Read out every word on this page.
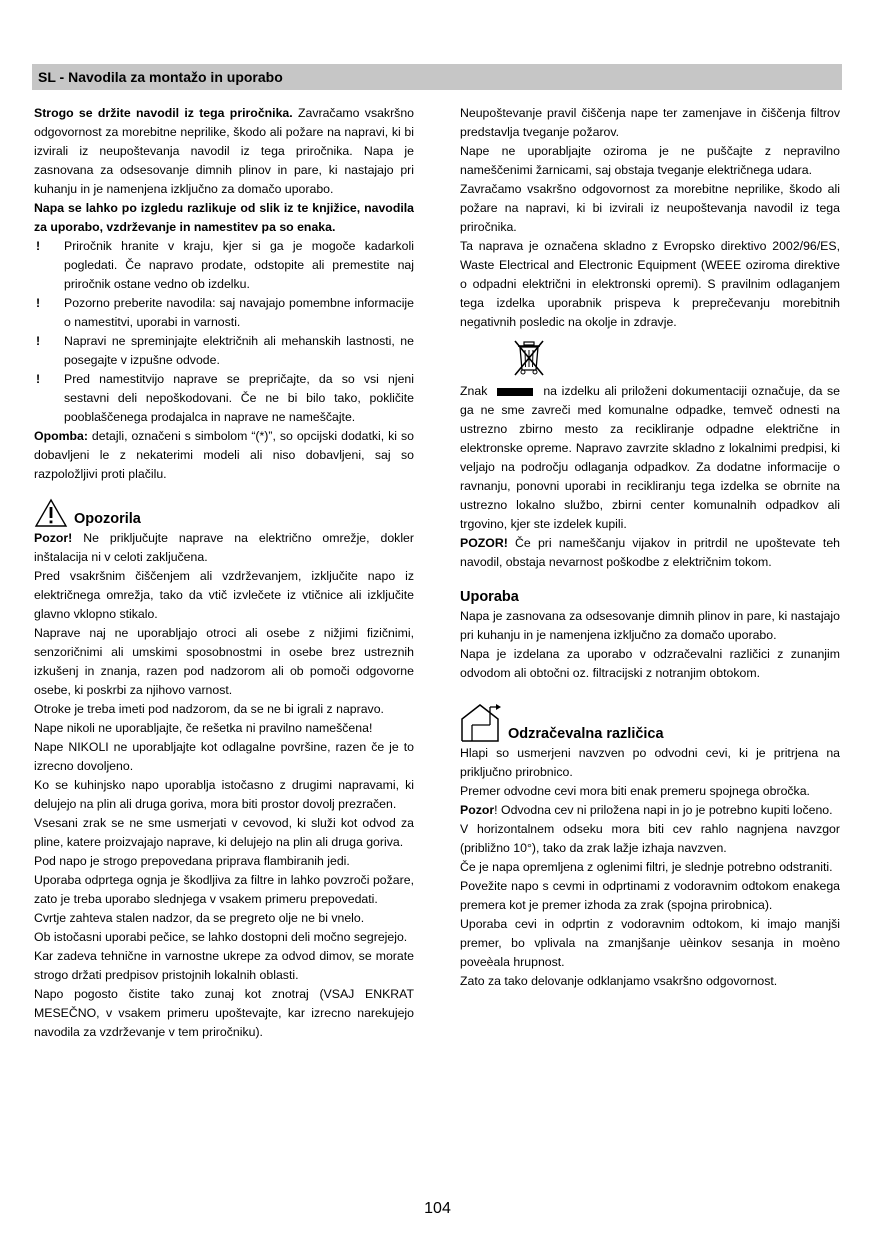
SL - Navodila za montažo in uporabo

Strogo se držite navodil iz tega priročnika. Zavračamo vsakršno odgovornost za morebitne neprilike, škodo ali požare na napravi, ki bi izvirali iz neupoštevanja navodil iz tega priročnika. Napa je zasnovana za odsesovanje dimnih plinov in pare, ki nastajajo pri kuhanju in je namenjena izključno za domačo uporabo.

Napa se lahko po izgledu razlikuje od slik iz te knjižice, navodila za uporabo, vzdrževanje in namestitev pa so enaka.

! Priročnik hranite v kraju, kjer si ga je mogoče kadarkoli pogledati. Če napravo prodate, odstopite ali premestite naj priročnik ostane vedno ob izdelku.
! Pozorno preberite navodila: saj navajajo pomembne informacije o namestitvi, uporabi in varnosti.
! Napravi ne spreminjajte električnih ali mehanskih lastnosti, ne posegajte v izpušne odvode.
! Pred namestitvijo naprave se prepričajte, da so vsi njeni sestavni deli nepoškodovani. Če ne bi bilo tako, pokličite pooblaščenega prodajalca in naprave ne nameščajte.

Opomba: detajli, označeni s simbolom “(*)”, so opcijski dodatki, ki so dobavljeni le z nekaterimi modeli ali niso dobavljeni, saj so razpoložljivi proti plačilu.

Opozorila

Pozor! Ne priključujte naprave na električno omrežje, dokler inštalacija ni v celoti zaključena.

Pred vsakršnim čiščenjem ali vzdrževanjem, izključite napo iz električnega omrežja, tako da vtič izvlečete iz vtičnice ali izključite glavno vklopno stikalo.

Naprave naj ne uporabljajo otroci ali osebe z nižjimi fizičnimi, senzoričnimi ali umskimi sposobnostmi in osebe brez ustreznih izkušenj in znanja, razen pod nadzorom ali ob pomoči odgovorne osebe, ki poskrbi za njihovo varnost.

Otroke je treba imeti pod nadzorom, da se ne bi igrali z napravo.

Nape nikoli ne uporabljajte, če rešetka ni pravilno nameščena!

Nape NIKOLI ne uporabljajte kot odlagalne površine, razen če je to izrecno dovoljeno.

Ko se kuhinjsko napo uporablja istočasno z drugimi napravami, ki delujejo na plin ali druga goriva, mora biti prostor dovolj prezračen.

Vsesani zrak se ne sme usmerjati v cevovod, ki služi kot odvod za pline, katere proizvajajo naprave, ki delujejo na plin ali druga goriva.

Pod napo je strogo prepovedana priprava flambiranih jedi.

Uporaba odprtega ognja je škodljiva za filtre in lahko povzroči požare, zato je treba uporabo slednjega v vsakem primeru prepovedati.

Cvrtje zahteva stalen nadzor, da se pregreto olje ne bi vnelo.

Ob istočasni uporabi pečice, se lahko dostopni deli močno segrejejo.

Kar zadeva tehnične in varnostne ukrepe za odvod dimov, se morate strogo držati predpisov pristojnih lokalnih oblasti.

Napo pogosto čistite tako zunaj kot znotraj (VSAJ ENKRAT MESEČNO, v vsakem primeru upoštevajte, kar izrecno narekujejo navodila za vzdrževanje v tem priročniku).

Neupoštevanje pravil čiščenja nape ter zamenjave in čiščenja filtrov predstavlja tveganje požarov.

Nape ne uporabljajte oziroma je ne puščajte z nepravilno nameščenimi žarnicami, saj obstaja tveganje električnega udara.

Zavračamo vsakršno odgovornost za morebitne neprilike, škodo ali požare na napravi, ki bi izvirali iz neupoštevanja navodil iz tega priročnika.

Ta naprava je označena skladno z Evropsko direktivo 2002/96/ES, Waste Electrical and Electronic Equipment (WEEE oziroma direktive o odpadni električni in elektronski opremi). S pravilnim odlaganjem tega izdelka uporabnik prispeva k preprečevanju morebitnih negativnih posledic na okolje in zdravje.

Znak	na izdelku ali priloženi dokumentaciji označuje, da se ga ne sme zavreči med komunalne odpadke, temveč odnesti na ustrezno zbirno mesto za recikliranje odpadne električne in elektronske opreme. Napravo zavrzite skladno z lokalnimi predpisi, ki veljajo na področju odlaganja odpadkov. Za dodatne informacije o ravnanju, ponovni uporabi in recikliranju tega izdelka se obrnite na ustrezno lokalno službo, zbirni center komunalnih odpadkov ali trgovino, kjer ste izdelek kupili.

POZOR! Če pri nameščanju vijakov in pritrdil ne upoštevate teh navodil, obstaja nevarnost poškodbe z električnim tokom.

Uporaba

Napa je zasnovana za odsesovanje dimnih plinov in pare, ki nastajajo pri kuhanju in je namenjena izključno za domačo uporabo.

Napa je izdelana za uporabo v odzračevalni različici z zunanjim odvodom ali obtočni oz. filtracijski z notranjim obtokom.

Odzračevalna različica

Hlapi so usmerjeni navzven po odvodni cevi, ki je pritrjena na priključno prirobnico.

Premer odvodne cevi mora biti enak premeru spojnega obročka.

Pozor! Odvodna cev ni priložena napi in jo je potrebno kupiti ločeno.

V horizontalnem odseku mora biti cev rahlo nagnjena navzgor (približno 10°), tako da zrak lažje izhaja navzven.

Če je napa opremljena z oglenimi filtri, je slednje potrebno odstraniti.

Povežite napo s cevmi in odprtinami z vodoravnim odtokom enakega premera kot je premer izhoda za zrak (spojna prirobnica).

Uporaba cevi in odprtin z vodoravnim odtokom, ki imajo manjši premer, bo vplivala na zmanjšanje uèinkov sesanja in moèno poveèala hrupnost.

Zato za tako delovanje odklanjamo vsakršno odgovornost.

104
